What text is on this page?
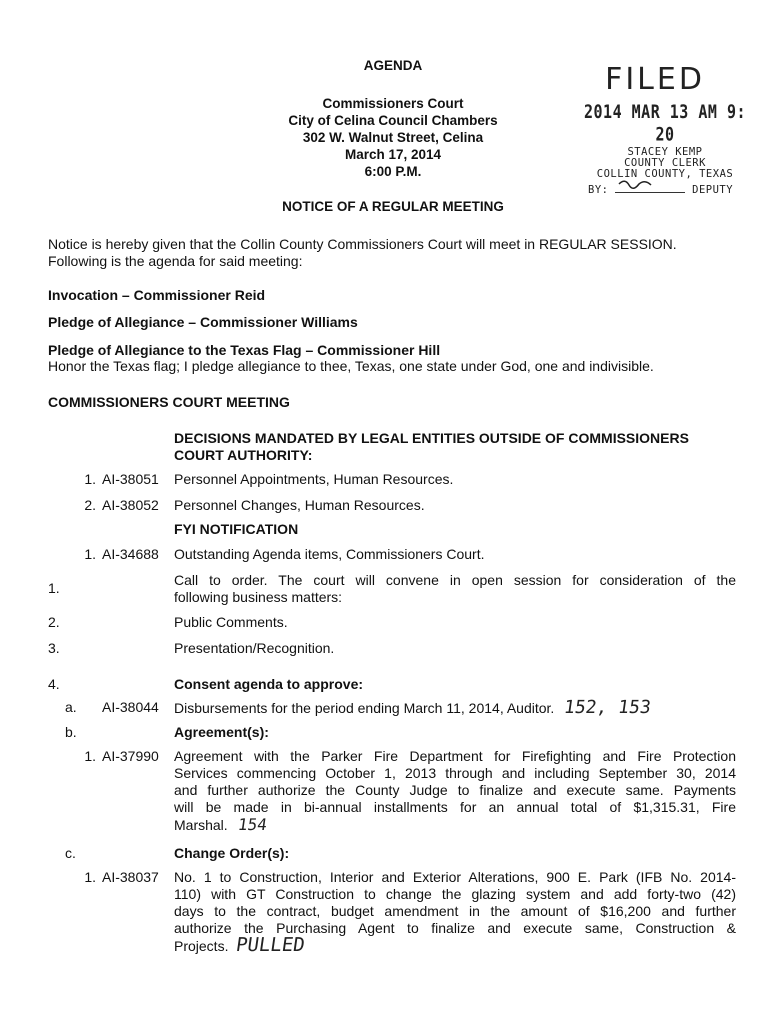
AGENDA
Commissioners Court
City of Celina Council Chambers
302 W. Walnut Street, Celina
March 17, 2014
6:00 P.M.
NOTICE OF A REGULAR MEETING
FILED
2014 MAR 13 AM 9: 20
STACEY KEMP
COUNTY CLERK
COLLIN COUNTY, TEXAS
BY:	DEPUTY
Notice is hereby given that the Collin County Commissioners Court will meet in REGULAR SESSION.
Following is the agenda for said meeting:
Invocation – Commissioner Reid
Pledge of Allegiance – Commissioner Williams
Pledge of Allegiance to the Texas Flag – Commissioner Hill
Honor the Texas flag; I pledge allegiance to thee, Texas, one state under God, one and indivisible.
COMMISSIONERS COURT MEETING
DECISIONS MANDATED BY LEGAL ENTITIES OUTSIDE OF COMMISSIONERS
COURT AUTHORITY:
1. AI-38051 Personnel Appointments, Human Resources.
2. AI-38052 Personnel Changes, Human Resources.
FYI NOTIFICATION
1. AI-34688 Outstanding Agenda items, Commissioners Court.
1.	Call to order. The court will convene in open session for consideration of the
following business matters:
2.	Public Comments.
3.	Presentation/Recognition.
4.	Consent agenda to approve:
a. AI-38044 Disbursements for the period ending March 11, 2014, Auditor. 152, 153
b.	Agreement(s):
1. AI-37990 Agreement with the Parker Fire Department for Firefighting and Fire Protection
Services commencing October 1, 2013 through and including September 30, 2014
and further authorize the County Judge to finalize and execute same. Payments
will be made in bi-annual installments for an annual total of $1,315.31, Fire
Marshal. 154
c.	Change Order(s):
1. AI-38037 No. 1 to Construction, Interior and Exterior Alterations, 900 E. Park (IFB No. 2014-
110) with GT Construction to change the glazing system and add forty-two (42)
days to the contract, budget amendment in the amount of $16,200 and further
authorize the Purchasing Agent to finalize and execute same, Construction &
Projects. PULLED
